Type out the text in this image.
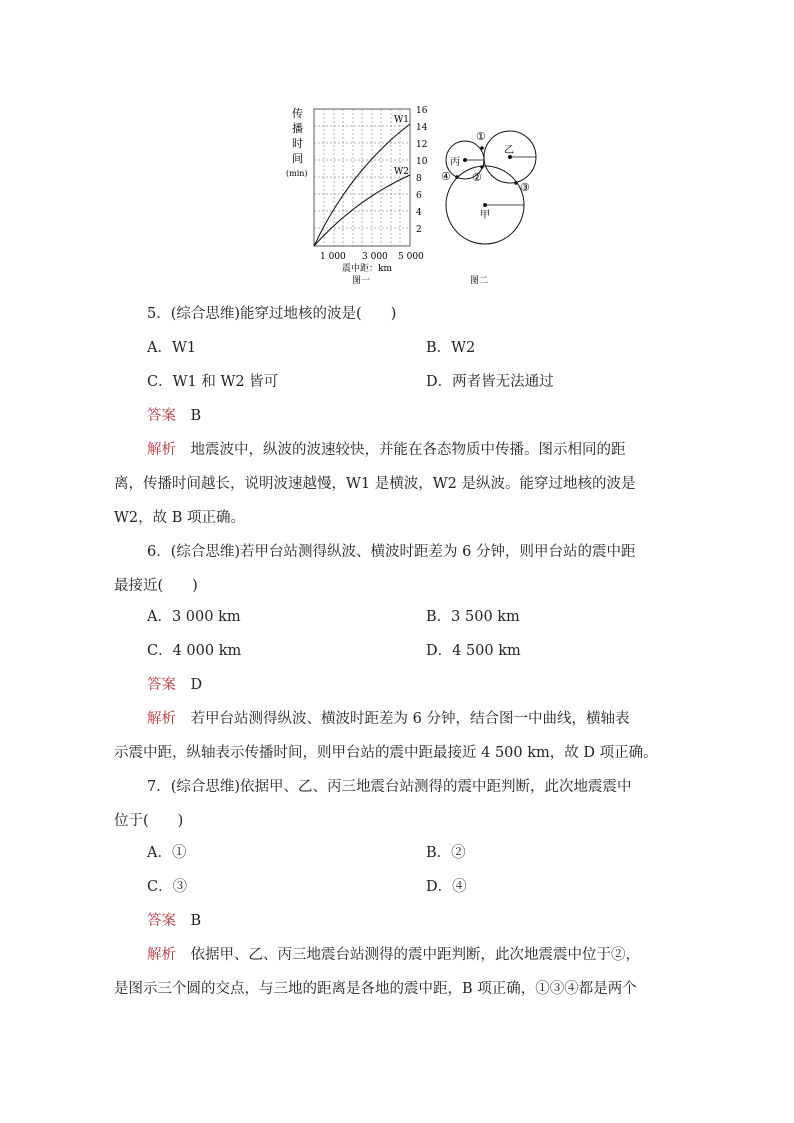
传
播
时
间
(min)
W1
W2
16
14
12
10
8
6
4
2
1 000 3 000 5 000
震中距：km
图一
①
②
③
④
丙
乙
甲
图二
5．(综合思维)能穿过地核的波是(　　)
A．W1	B．W2
C．W1 和 W2 皆可	D．两者皆无法通过
答案　 B
解析　 地震波中，纵波的波速较快，并能在各态物质中传播。图示相同的距
离，传播时间越长，说明波速越慢，W1 是横波，W2 是纵波。能穿过地核的波是
W2，故 B 项正确。
6．(综合思维)若甲台站测得纵波、横波时距差为 6 分钟，则甲台站的震中距
最接近(　　)
A．3 000 km	B．3 500 km
C．4 000 km	D．4 500 km
答案　 D
解析　 若甲台站测得纵波、横波时距差为 6 分钟，结合图一中曲线，横轴表
示震中距，纵轴表示传播时间，则甲台站的震中距最接近 4 500 km，故 D 项正确。
7．(综合思维)依据甲、乙、丙三地震台站测得的震中距判断，此次地震震中
位于(　　)
A．①	B．②
C．③	D．④
答案　 B
解析　 依据甲、乙、丙三地震台站测得的震中距判断，此次地震震中位于②，
是图示三个圆的交点，与三地的距离是各地的震中距，B 项正确，①③④都是两个
